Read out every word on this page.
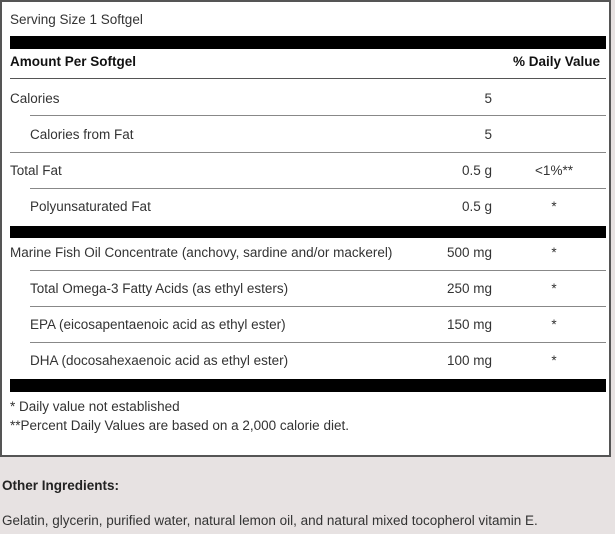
Serving Size 1 Softgel
Amount Per Softgel	% Daily Value
Calories	5
Calories from Fat	5
Total Fat	0.5 g	<1%**
Polyunsaturated Fat	0.5 g	*
Marine Fish Oil Concentrate (anchovy, sardine and/or mackerel)	500 mg	*
Total Omega-3 Fatty Acids (as ethyl esters)	250 mg	*
EPA (eicosapentaenoic acid as ethyl ester)	150 mg	*
DHA (docosahexaenoic acid as ethyl ester)	100 mg	*
* Daily value not established
**Percent Daily Values are based on a 2,000 calorie diet.
Other Ingredients:
Gelatin, glycerin, purified water, natural lemon oil, and natural mixed tocopherol vitamin E.
